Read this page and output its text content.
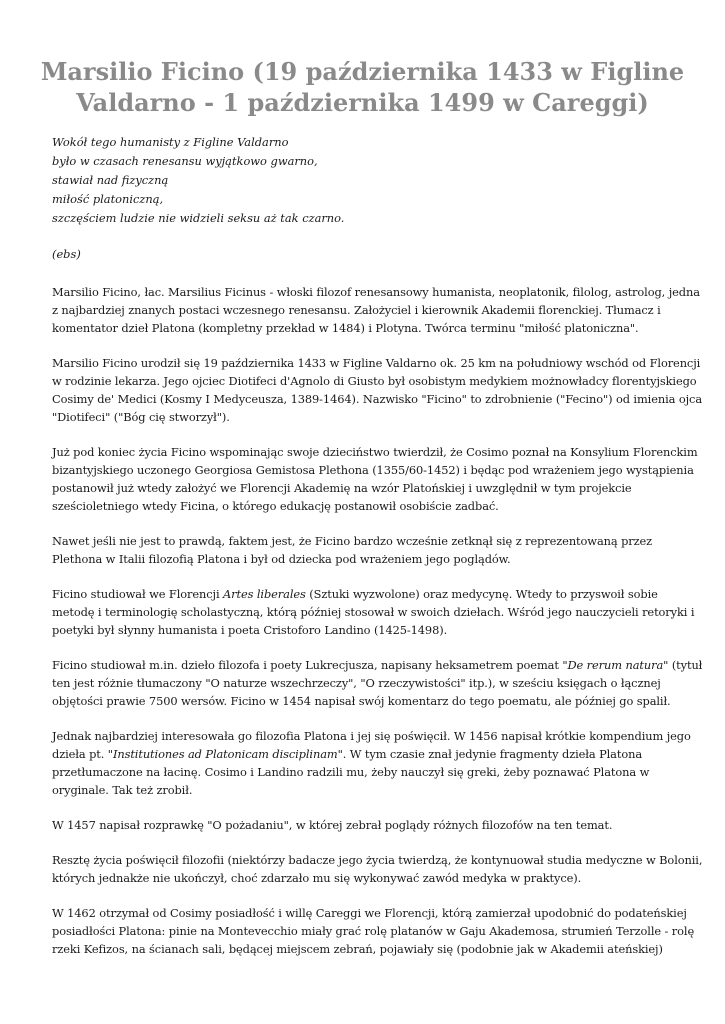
Marsilio Ficino (19 października 1433 w Figline Valdarno - 1 października 1499 w Careggi)
Wokół tego humanisty z Figline Valdarno
było w czasach renesansu wyjątkowo gwarno,
stawiał nad fizyczną
miłość platoniczną,
szczęściem ludzie nie widzieli seksu aż tak czarno.

(ebs)

Marsilio Ficino, łac. Marsilius Ficinus - włoski filozof renesansowy humanista, neoplatonik, filolog, astrolog, jedna
z najbardziej znanych postaci wczesnego renesansu. Założyciel i kierownik Akademii florenckiej. Tłumacz i
komentator dzieł Platona (kompletny przekład w 1484) i Plotyna. Twórca terminu "miłość platoniczna".

Marsilio Ficino urodził się 19 października 1433 w Figline Valdarno ok. 25 km na południowy wschód od Florencji
w rodzinie lekarza. Jego ojciec Diotifeci d'Agnolo di Giusto był osobistym medykiem możnowładcy florentyjskiego
Cosimy de' Medici (Kosmy I Medyceusza, 1389-1464). Nazwisko "Ficino" to zdrobnienie ("Fecino") od imienia ojca
"Diotifeci" ("Bóg cię stworzył").

Już pod koniec życia Ficino wspominając swoje dzieciństwo twierdził, że Cosimo poznał na Konsylium Florenckim
bizantyjskiego uczonego Georgiosa Gemistosa Plethona (1355/60-1452) i będąc pod wrażeniem jego wystąpienia
postanowił już wtedy założyć we Florencji Akademię na wzór Platońskiej i uwzględnił w tym projekcie
sześcioletniego wtedy Ficina, o którego edukację postanowił osobiście zadbać.

Nawet jeśli nie jest to prawdą, faktem jest, że Ficino bardzo wcześnie zetknął się z reprezentowaną przez
Plethona w Italii filozofią Platona i był od dziecka pod wrażeniem jego poglądów.

Ficino studiował we Florencji Artes liberales (Sztuki wyzwolone) oraz medycynę. Wtedy to przyswoił sobie
metodę i terminologię scholastyczną, którą później stosował w swoich dziełach. Wśród jego nauczycieli retoryki i
poetyki był słynny humanista i poeta Cristoforo Landino (1425-1498).

Ficino studiował m.in. dzieło filozofa i poety Lukrecjusza, napisany heksametrem poemat "De rerum natura" (tytuł
ten jest różnie tłumaczony "O naturze wszechrzeczy", "O rzeczywistości" itp.), w sześciu księgach o łącznej
objętości prawie 7500 wersów. Ficino w 1454 napisał swój komentarz do tego poematu, ale później go spalił.

Jednak najbardziej interesowała go filozofia Platona i jej się poświęcił. W 1456 napisał krótkie kompendium jego
dzieła pt. "Institutiones ad Platonicam disciplinam". W tym czasie znał jedynie fragmenty dzieła Platona
przetłumaczone na łacinę. Cosimo i Landino radzili mu, żeby nauczył się greki, żeby poznawać Platona w
oryginale. Tak też zrobił.

W 1457 napisał rozprawkę "O pożadaniu", w której zebrał poglądy różnych filozofów na ten temat.

Resztę życia poświęcił filozofii (niektórzy badacze jego życia twierdzą, że kontynuował studia medyczne w Bolonii,
których jednakże nie ukończył, choć zdarzało mu się wykonywać zawód medyka w praktyce).

W 1462 otrzymał od Cosimy posiadłość i willę Careggi we Florencji, którą zamierzał upodobnić do podateńskiej
posiadłości Platona: pinie na Montevecchio miały grać rolę platanów w Gaju Akademosa, strumień Terzolle - rolę
rzeki Kefizos, na ścianach sali, będącej miejscem zebrań, pojawiały się (podobnie jak w Akademii ateńskiej)
